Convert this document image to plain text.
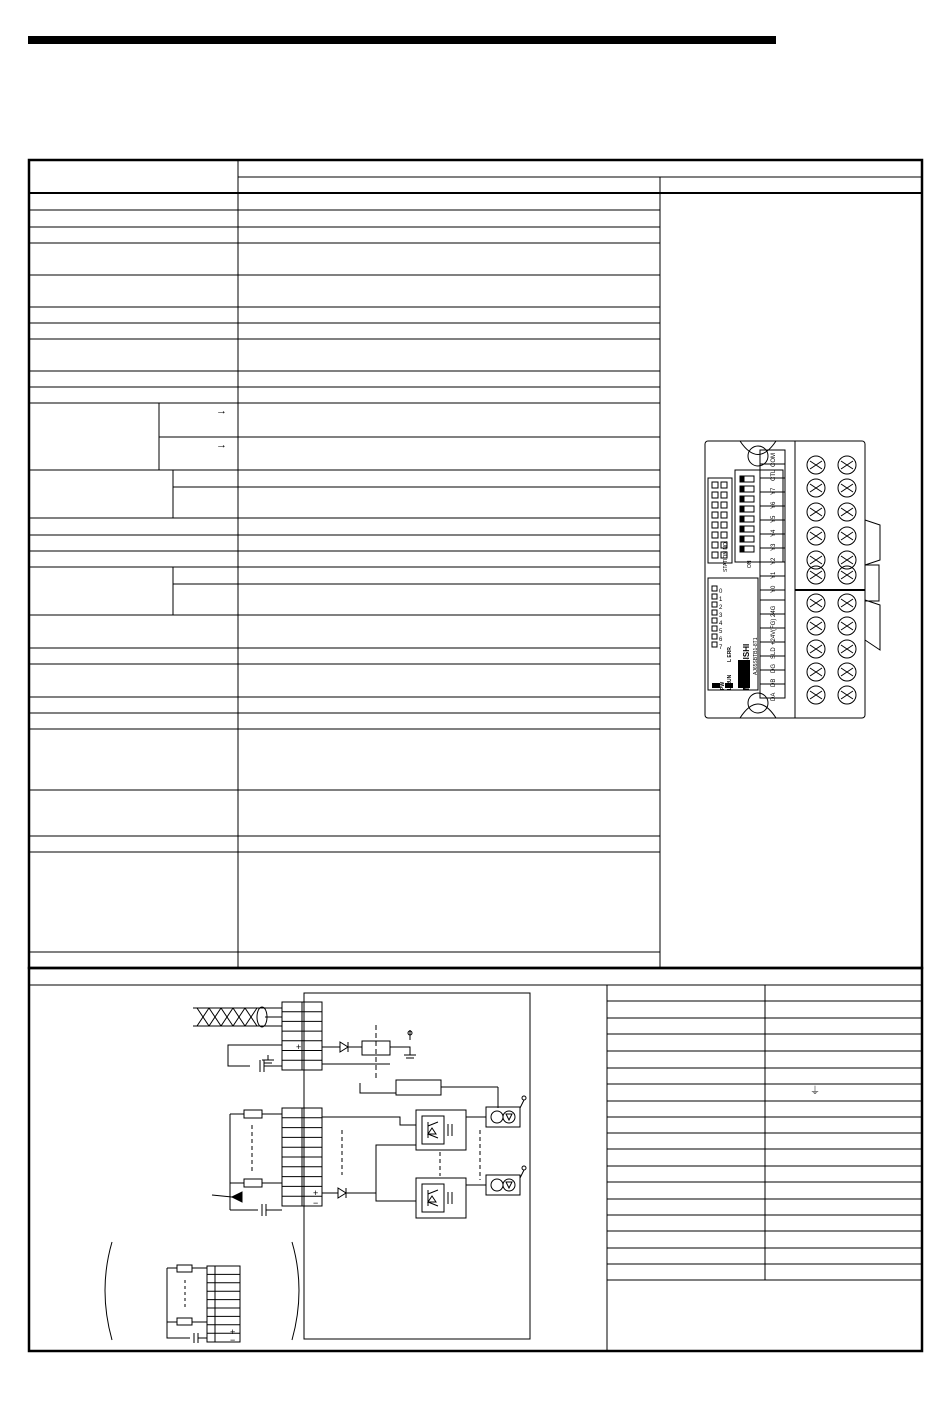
COM
CTL
Y7
Y6
Y5
Y4
Y3
Y2
Y1
Y0
24G
(FG)
+24V
SLD
DG
DB
DA
STATION NO.	ON
PW L RUN
L ERR. MITSUBISHI AJ65SBTB1-8T1
0
1
2
3
4
5
6
7
+
+
−
+
−
→
→
⏚
